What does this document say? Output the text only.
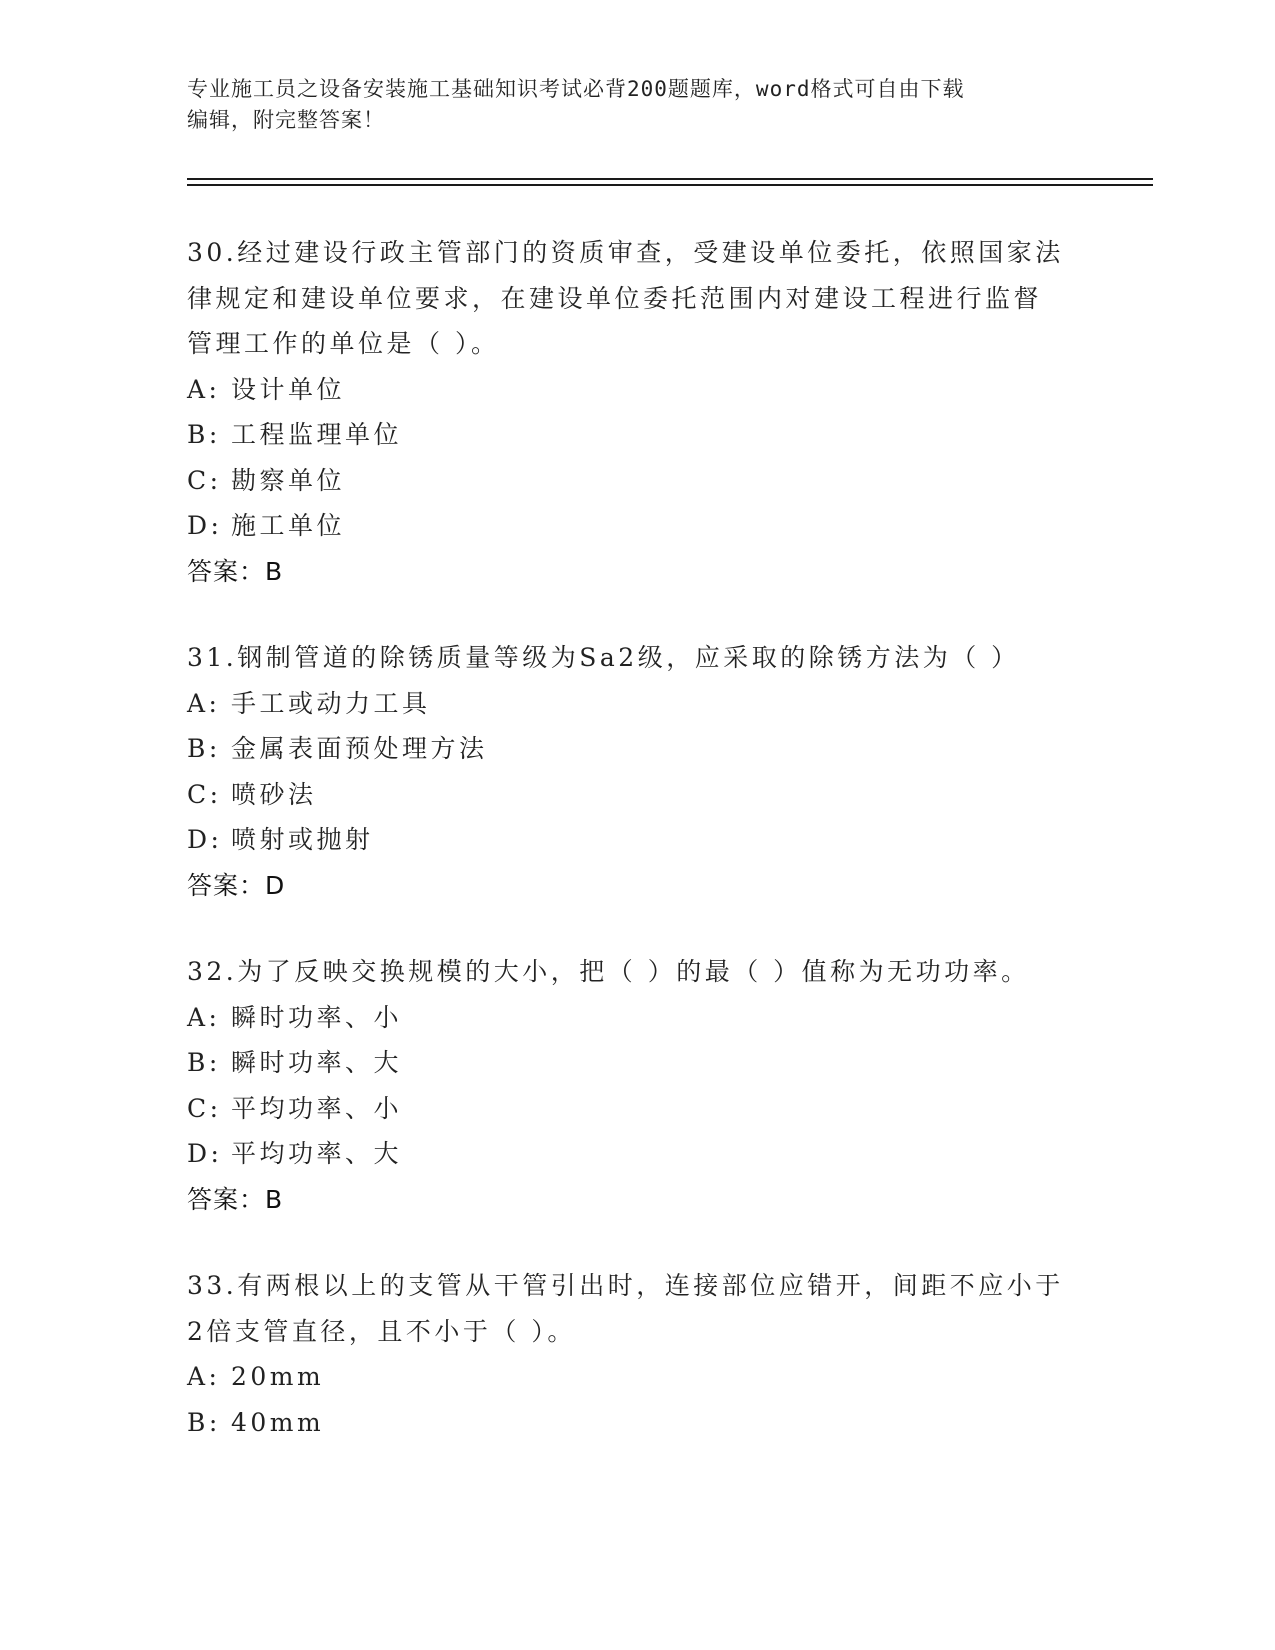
专业施工员之设备安装施工基础知识考试必背200题题库，word格式可自由下载
编辑，附完整答案！
30.经过建设行政主管部门的资质审查，受建设单位委托，依照国家法
律规定和建设单位要求，在建设单位委托范围内对建设工程进行监督
管理工作的单位是（ ）。
A: 设计单位
B: 工程监理单位
C: 勘察单位
D: 施工单位
答案：B
31.钢制管道的除锈质量等级为Sa2级，应采取的除锈方法为（ ）
A: 手工或动力工具
B: 金属表面预处理方法
C: 喷砂法
D: 喷射或抛射
答案：D
32.为了反映交换规模的大小，把（ ）的最（ ）值称为无功功率。
A: 瞬时功率、小
B: 瞬时功率、大
C: 平均功率、小
D: 平均功率、大
答案：B
33.有两根以上的支管从干管引出时，连接部位应错开，间距不应小于
2倍支管直径，且不小于（ ）。
A: 20mm
B: 40mm
